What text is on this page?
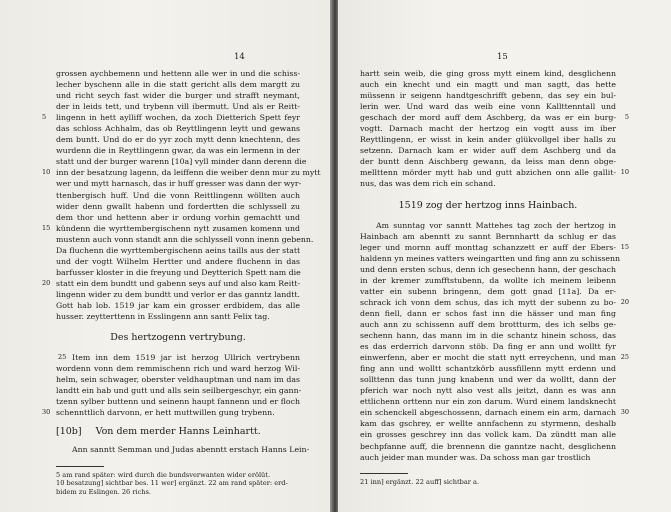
14
grossen aychbemenn und hettenn alle wer in und die schiss-
lecher byschenn alle in die statt gericht alls dem margtt zu
und richt seych fast wider die burger und strafft neymant,
der in leids tett, und trybenn vill ibermutt. Und als er Reitt-
lingenn in hett aylliff wochen, da zoch Dietterich Spett feyr
5
das schloss Achhalm, das ob Reyttlingenn leytt und gewans
dem buntt. Und do er do yyr zoch mytt denn knechtenn, des
wurdenn die in Reyttlingenn gwar, da was ein lermenn in der
statt und der burger warenn [10a] vyll minder dann derenn die
inn der besatzung lagenn, da leiffenn die weiber denn mur zu mytt
10
wer und mytt harnasch, das ir huff gresser was dann der wyr-
ttenbergisch huff. Und die vonn Reittlingenn wöllten auch
wider denn gwallt habenn und fordertten die schlyssell zu
dem thor und hettenn aber ir ordung vorhin gemachtt und
kündenn die wyrttembergischenn nytt zusamen komenn und
15
mustenn auch vonn standt ann die schlyssell vonn inenn gebenn.
Da fluchenn die wyrttembergischenn aeins taills aus der statt
und der vogtt Wilhelm Hertter und andere fluchenn in das
barfusser kloster in die freyung und Deytterich Spett nam die
statt ein dem bundtt und gabenn seys auf und also kam Reitt-
20
lingenn wider zu dem bundtt und verlor er das ganntz landtt.
Gott hab lob. 1519 jar kam ein grosser erdbidem, das alle
husser. zeytterttenn in Esslingenn ann santt Felix tag.
Des hertzogenn vertrybung.
Item inn dem 1519 jar ist herzog Ullrich vertrybenn
25
wordenn vonn dem remmischenn rich und ward herzog Wil-
helm, sein schwager, oberster veldhauptman und nam im das
landtt ein hab und gutt und alls sein seilbergeschyr, ein gann-
tzenn sylber buttenn und seinenn haupt fannenn und er floch
schennttlich darvonn, er hett muttwillen gung trybenn.
30
[10b] Von dem merder Hanns Leinhartt.
Ann sanntt Semman und Judas abenntt erstach Hanns Lein-
5 am rand später: wird durch die bundsverwanten wider erölüt.
10 besatzung] sichtbar bes. 11 wer] ergänzt. 22 am rand später: erd-
bidem zu Eslingen. 26 richs.
15
hartt sein weib, die ging gross mytt einem kind, desglichenn
auch ein knecht und ein magtt und man sagtt, das hette
müssenn ir seigenn handtgeschrifft gebenn, das sey ein bul-
lerin wer. Und ward das weib eine vonn Kallttenntall und
geschach der mord auff dem Aschberg, da was er ein burg- 5
vogtt. Darnach macht der hertzog ein vogtt auss im iber
Reyttlingenn, er wisst in kein ander glükvollgel iber halls zu
setzenn. Darnach kam er wider auff dem Aschberg und da
der buntt denn Aischberg gewann, da leiss man denn obge-
mellttenn mörder mytt hab und gutt abzichen onn alle gallit- 10
nus, das was dem rich ein schand.
1519 zog der hertzog inns Hainbach.
Am sunntag vor sanntt Mattehes tag zoch der hertzog in
Hainbach am abenntt zu sannt Bernnhartt da schlug er das
leger und mornn auff monttag schanzzett er auff der Ebers- 15
haldenn yn meines vatters weingartten und fing ann zu schissenn
und denn ersten schus, denn ich gesechenn hann, der geschach
in der kremer zumfftstubenn, da wollte ich meinem leibenn
vatter ein subenn bringenn, dem gott gnad [11a]. Da er-
schrack ich vonn dem schus, das ich mytt der subenn zu bo- 20
denn fiell, dann er schos fast inn die hässer und man fing
auch ann zu schissenn auff dem brottturm, des ich selbs ge-
sechenn hann, das mann im in die schantz hinein schoss, das
es das erderrich darvonn stöb. Da fing er ann und wolltt fyr
einwerfenn, aber er mocht die statt nytt erreychenn, und man 25
fing ann und wolltt schantzkörb aussfillenn mytt erdenn und
sollttenn das tunn jung knabenn und wer da wolltt, dann der
pferich war noch nytt also vest alls jeitzt, dann es was ann
ettlichenn orttenn nur ein zon darum. Wurd einem landsknecht
ein schenckell abgeschossenn, darnach einem ein arm, darnach 30
kam das gschrey, er wellte annfachenn zu styrmenn, deshalb
ein grosses geschrey inn das vollck kam. Da zündtt man alle
bechpfanne auff, die brennenn die ganntze nacht, desglichenn
auch jeider man munder was. Da schoss man gar trostlich
21 inn] ergänzt. 22 auff] sichtbar a.
